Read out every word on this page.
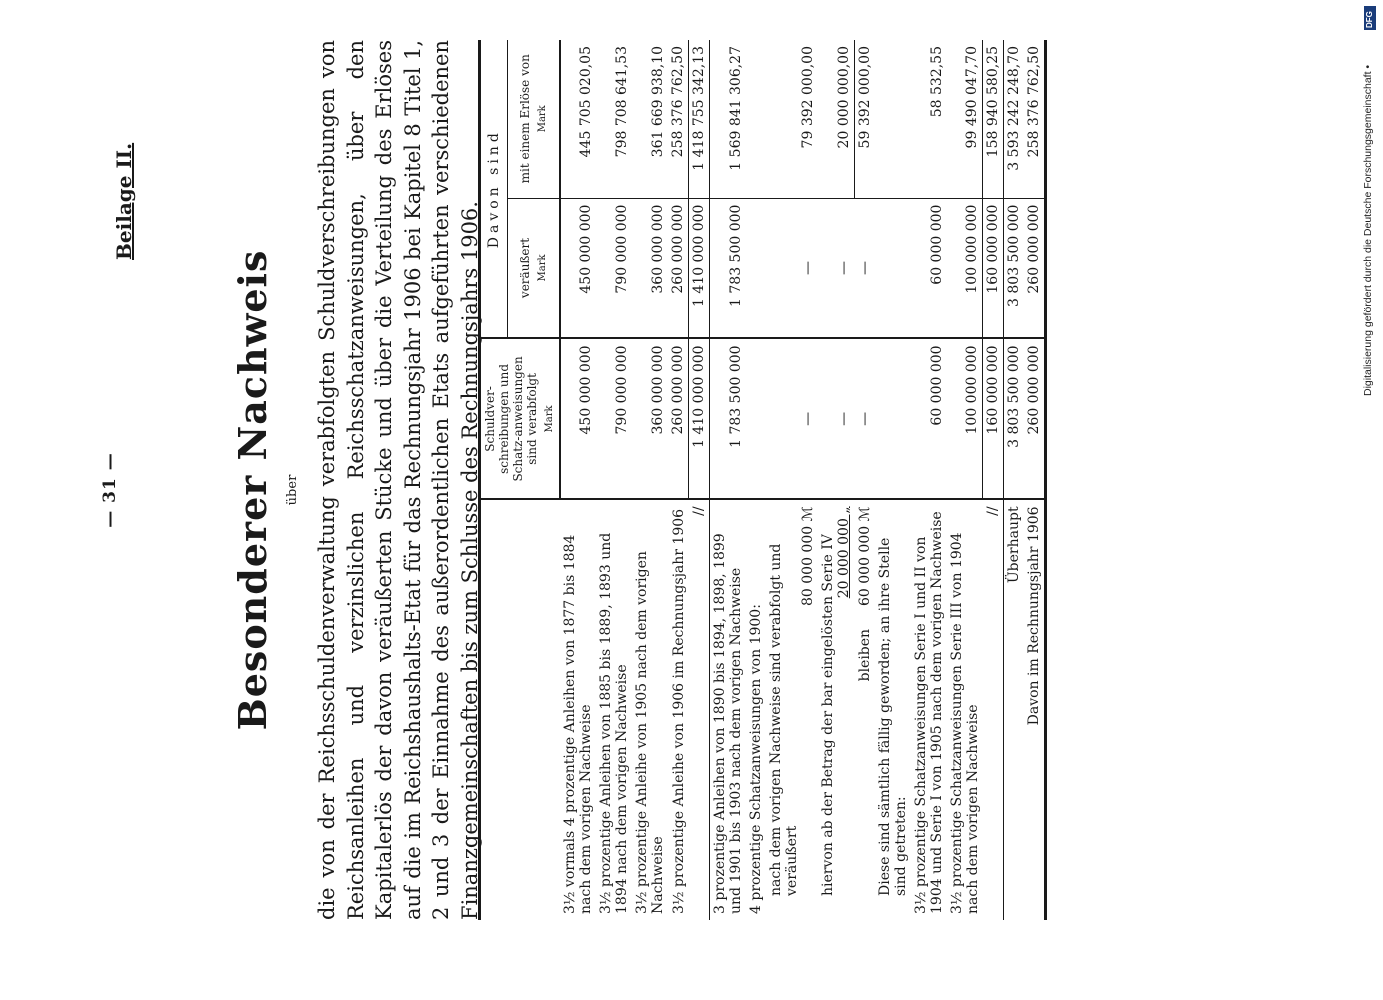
— 31 —
Beilage II.
Besonderer Nachweis über die von der Reichsschuldenverwaltung verabfolgten Schuldverschreibungen von Reichsanleihen und verzinslichen Reichsschatzanweisungen, über den Kapitalerlös der davon veräußerten Stücke und über die Verteilung des Erlöses auf die im Reichshaushalts-Etat für das Rechnungsjahr 1906 bei Kapitel 8 Titel 1, 2 und 3 der Einnahme des außerordentlichen Etats aufgeführten verschiedenen Finanzgemeinschaften bis zum Schlusse des Rechnungsjahrs 1906.
	Schuldver-schreibungen und Schatz-anweisungen sind verabfolgt Mark	Davon sind	
		veräußert Mark	mit einem Erlöse von Mark

3½ vormals 4 prozentige Anleihen von 1877 bis 1884 nach dem vorigen Nachweise	450 000 000	450 000 000	445 705 020,05
3½ prozentige Anleihen von 1885 bis 1889, 1893 und 1894 nach dem vorigen Nachweise	790 000 000	790 000 000	798 708 641,53
3½ prozentige Anleihe von 1905 nach dem vorigen Nachweise	360 000 000	360 000 000	361 669 938,10
3½ prozentige Anleihe von 1906 im Rechnungsjahr 1906	260 000 000	260 000 000	258 376 762,50
//	1 410 000 000	1 410 000 000	1 418 755 342,13
3 prozentige Anleihen von 1890 bis 1894, 1898, 1899 und 1901 bis 1903 nach dem vorigen Nachweise	1 783 500 000	1 783 500 000	1 569 841 306,27
4 prozentige Schatzanweisungen von 1900:			

nach dem vorigen Nachweise sind verabfolgt und veräußert
80 000 000 ℳ	—	—	79 392 000,00

hiervon ab der Betrag der bar eingelösten Serie IV 20 000 000 „	—	—	20 000 000,00
bleiben  60 000 000 ℳ	—	—	59 392 000,00

Diese sind sämtlich fällig geworden; an ihre Stelle sind getreten:			

3½ prozentige Schatzanweisungen Serie I und II von 1904 und Serie I von 1905 nach dem vorigen Nachweise	60 000 000	60 000 000	58 532,55
3½ prozentige Schatzanweisungen Serie III von 1904 nach dem vorigen Nachweise	100 000 000	100 000 000	99 490 047,70
//	160 000 000	160 000 000	158 940 580,25
Überhaupt	3 803 500 000	3 803 500 000	3 593 242 248,70
Davon im Rechnungsjahr 1906	260 000 000	260 000 000	258 376 762,50	Digitalisierung gefördert durch die Deutsche Forschungsgemeinschaft •
DFG
